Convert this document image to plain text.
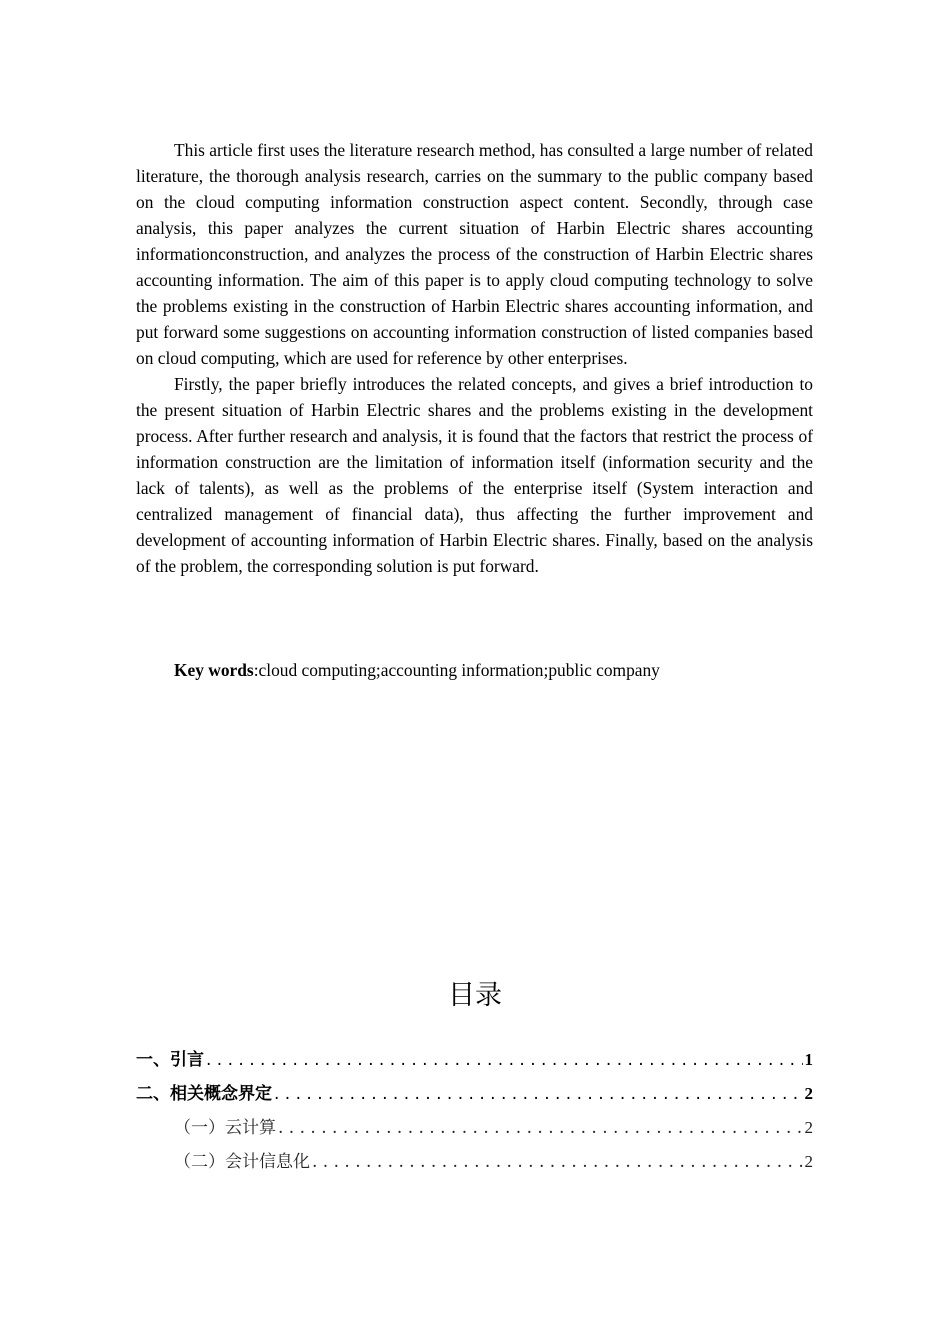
This article first uses the literature research method, has consulted a large number of related literature, the thorough analysis research, carries on the summary to the public company based on the cloud computing information construction aspect content. Secondly, through case analysis, this paper analyzes the current situation of Harbin Electric shares accounting informationconstruction, and analyzes the process of the construction of Harbin Electric shares accounting information. The aim of this paper is to apply cloud computing technology to solve the problems existing in the construction of Harbin Electric shares accounting information, and put forward some suggestions on accounting information construction of listed companies based on cloud computing, which are used for reference by other enterprises.

Firstly, the paper briefly introduces the related concepts, and gives a brief introduction to the present situation of Harbin Electric shares and the problems existing in the development process. After further research and analysis, it is found that the factors that restrict the process of information construction are the limitation of information itself (information security and the lack of talents), as well as the problems of the enterprise itself (System interaction and centralized management of financial data), thus affecting the further improvement and development of accounting information of Harbin Electric shares. Finally, based on the analysis of the problem, the corresponding solution is put forward.

Key words:cloud computing;accounting information;public company
目录
一、引言 . . .	1
二、相关概念界定 . . .	2
（一）云计算 . . .	2
（二）会计信息化 . . .	2
